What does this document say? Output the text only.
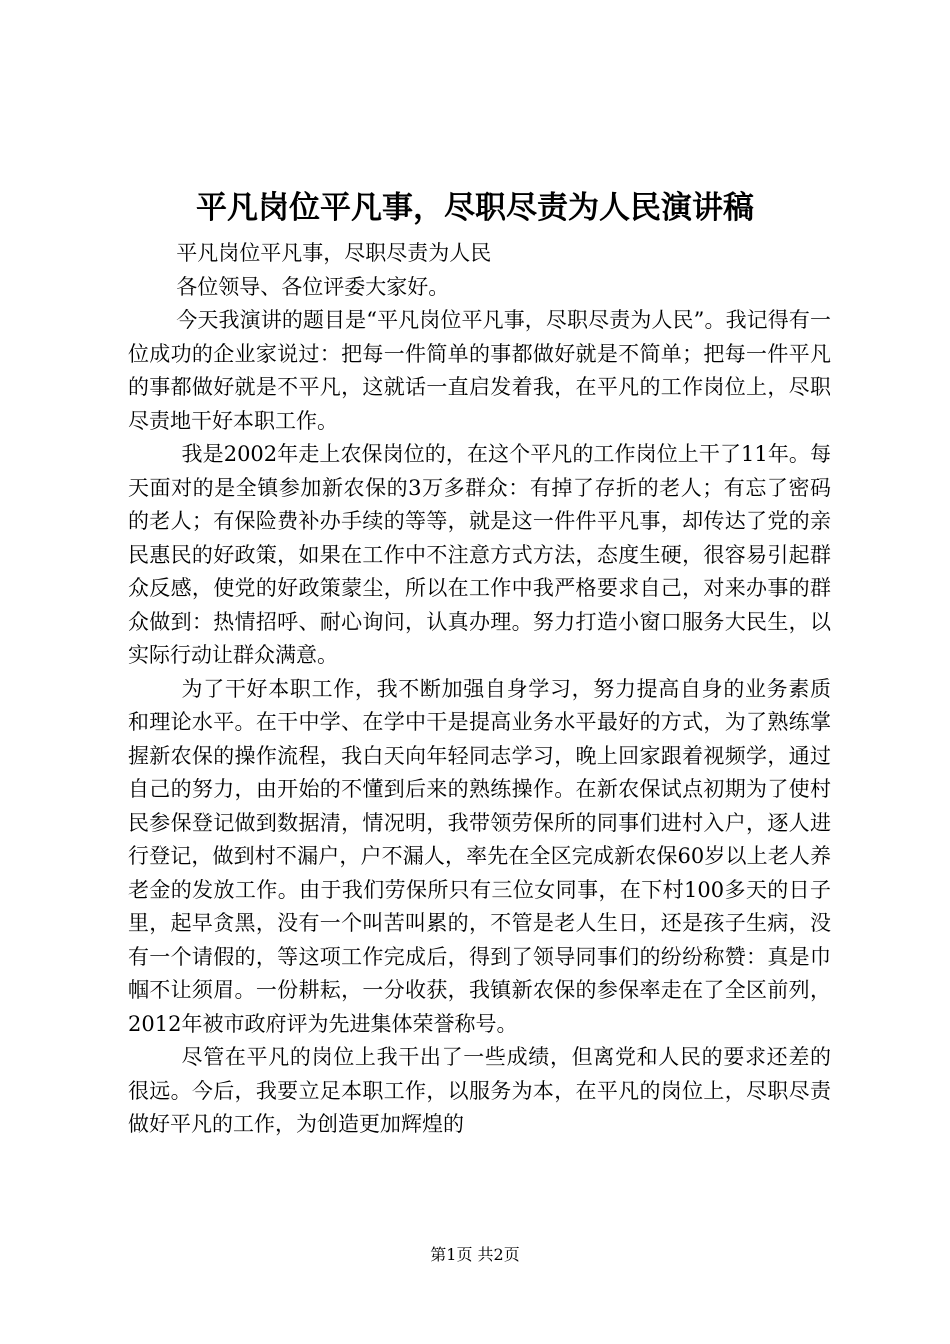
平凡岗位平凡事，尽职尽责为人民演讲稿

平凡岗位平凡事，尽职尽责为人民

各位领导、各位评委大家好。

今天我演讲的题目是“平凡岗位平凡事，尽职尽责为人民”。我记得有一位成功的企业家说过：把每一件简单的事都做好就是不简单；把每一件平凡的事都做好就是不平凡，这就话一直启发着我，在平凡的工作岗位上，尽职尽责地干好本职工作。

我是2002年走上农保岗位的，在这个平凡的工作岗位上干了11年。每天面对的是全镇参加新农保的3万多群众：有掉了存折的老人；有忘了密码的老人；有保险费补办手续的等等，就是这一件件平凡事，却传达了党的亲民惠民的好政策，如果在工作中不注意方式方法，态度生硬，很容易引起群众反感，使党的好政策蒙尘，所以在工作中我严格要求自己，对来办事的群众做到：热情招呼、耐心询问，认真办理。努力打造小窗口服务大民生，以实际行动让群众满意。

为了干好本职工作，我不断加强自身学习，努力提高自身的业务素质和理论水平。在干中学、在学中干是提高业务水平最好的方式，为了熟练掌握新农保的操作流程，我白天向年轻同志学习，晚上回家跟着视频学，通过自己的努力，由开始的不懂到后来的熟练操作。在新农保试点初期为了使村民参保登记做到数据清，情况明，我带领劳保所的同事们进村入户，逐人进行登记，做到村不漏户，户不漏人，率先在全区完成新农保60岁以上老人养老金的发放工作。由于我们劳保所只有三位女同事，在下村100多天的日子里，起早贪黑，没有一个叫苦叫累的，不管是老人生日，还是孩子生病，没有一个请假的，等这项工作完成后，得到了领导同事们的纷纷称赞：真是巾帼不让须眉。一份耕耘，一分收获，我镇新农保的参保率走在了全区前列，2012年被市政府评为先进集体荣誉称号。

尽管在平凡的岗位上我干出了一些成绩，但离党和人民的要求还差的很远。今后，我要立足本职工作，以服务为本，在平凡的岗位上，尽职尽责做好平凡的工作，为创造更加辉煌的

第1页 共2页
